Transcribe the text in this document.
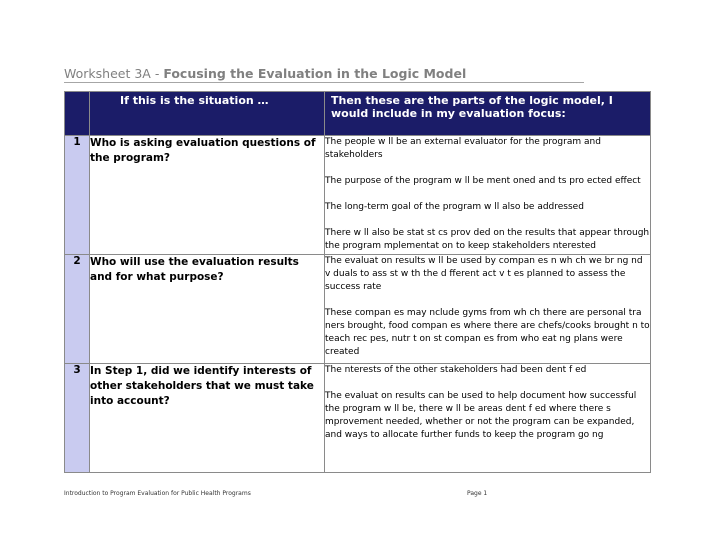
Worksheet 3A - Focusing the Evaluation in the Logic Model
	If this is the situation …	Then these are the parts of the logic model, I would include in my evaluation focus:
1	Who is asking evaluation questions of the program?	The people w ll be an external evaluator for the program and stakeholders

The purpose of the program w ll be ment oned and ts pro ected effect

The long-term goal of the program w ll also be addressed

There w ll also be stat st cs prov ded on the results that appear through the program mplementat on to keep stakeholders nterested

2	Who will use the evaluation results and for what purpose?	The evaluat on results w ll be used by compan es n wh ch we br ng nd v duals to ass st w th the d fferent act v t es planned to assess the success rate

These compan es may nclude gyms from wh ch there are personal tra ners brought, food compan es where there are chefs/cooks brought n to teach rec pes, nutr t on st compan es from who eat ng plans were created

3	In Step 1, did we identify interests of other stakeholders that we must take into account?	The nterests of the other stakeholders had been dent f ed

The evaluat on results can be used to help document how successful the program w ll be, there w ll be areas dent f ed where there s mprovement needed, whether or not the program can be expanded, and ways to allocate further funds to keep the program go ng

Introduction to Program Evaluation for Public Health Programs	Page 1
